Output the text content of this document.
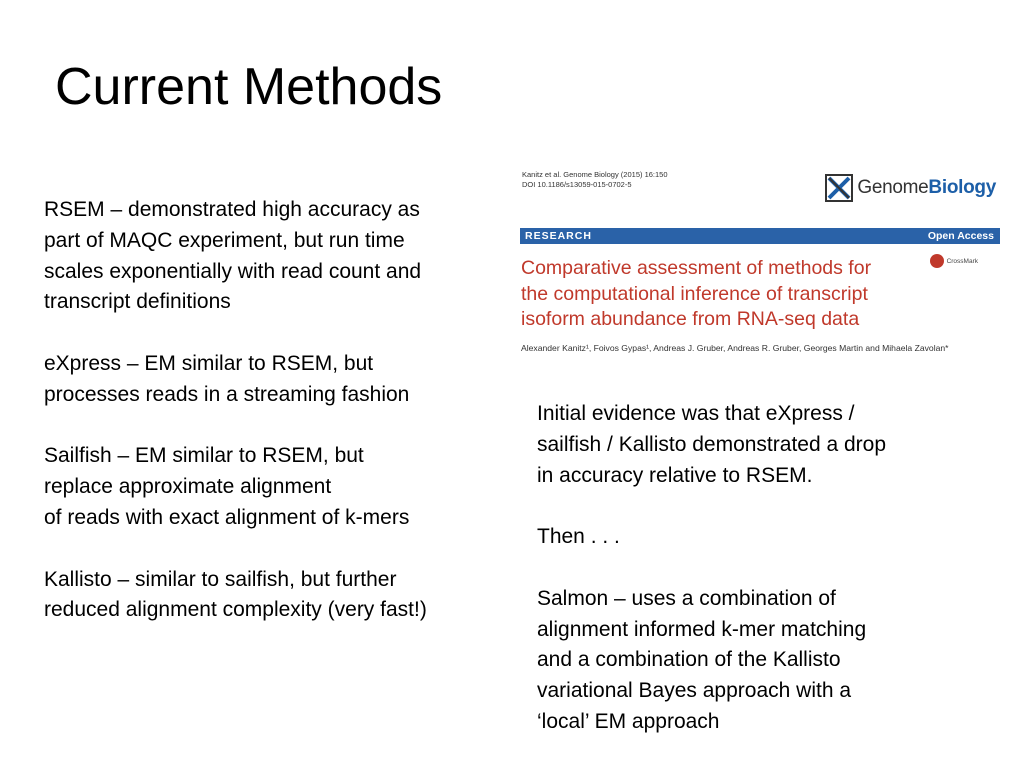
Current Methods
RSEM – demonstrated high accuracy as
part of MAQC experiment, but run time
scales exponentially with read count and
transcript definitions
eXpress – EM similar to RSEM, but
processes reads in a streaming fashion
Sailfish – EM similar to RSEM, but
replace approximate alignment
of reads with exact alignment of k-mers
Kallisto – similar to sailfish, but further
reduced alignment complexity (very fast!)
Kanitz et al. Genome Biology (2015) 16:150
DOI 10.1186/s13059-015-0702-5	GenomeBiology
RESEARCH	Open Access
CrossMark
Comparative assessment of methods for
the computational inference of transcript
isoform abundance from RNA-seq data
Alexander Kanitz¹, Foivos Gypas¹, Andreas J. Gruber, Andreas R. Gruber, Georges Martin and Mihaela Zavolan*
Initial evidence was that eXpress /
sailfish / Kallisto demonstrated a drop
in accuracy relative to RSEM.
Then . . .
Salmon – uses a combination of
alignment informed k-mer matching
and a combination of the Kallisto
variational Bayes approach with a
‘local’ EM approach
